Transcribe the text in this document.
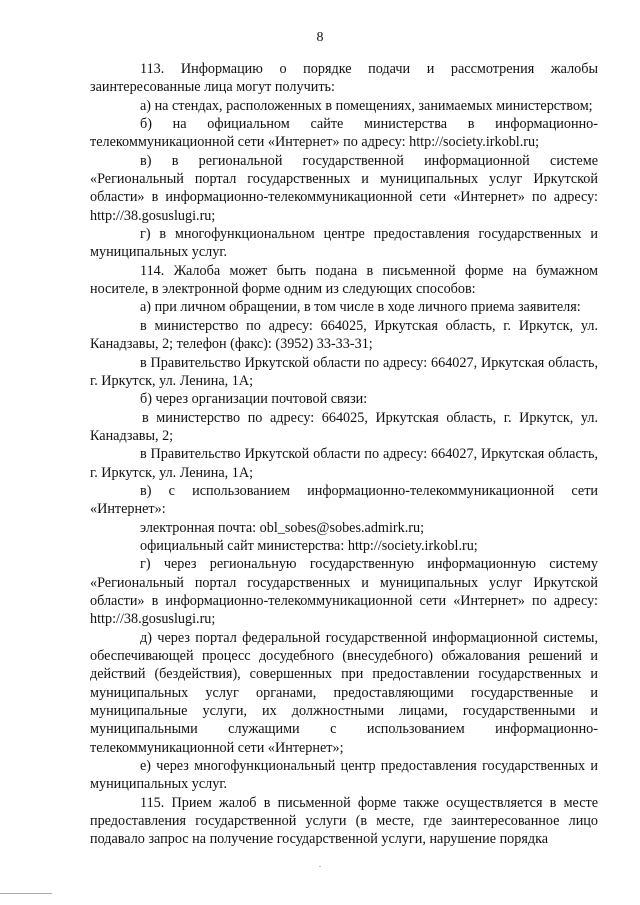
8

113. Информацию о порядке подачи и рассмотрения жалобы заинтересованные лица могут получить:

а) на стендах, расположенных в помещениях, занимаемых министерством;

б) на официальном сайте министерства в информационно-телекоммуникационной сети «Интернет» по адресу: http://society.irkobl.ru;

в) в региональной государственной информационной системе «Региональный портал государственных и муниципальных услуг Иркутской области» в информационно-телекоммуникационной сети «Интернет» по адресу: http://38.gosuslugi.ru;

г) в многофункциональном центре предоставления государственных и муниципальных услуг.

114. Жалоба может быть подана в письменной форме на бумажном носителе, в электронной форме одним из следующих способов:

а) при личном обращении, в том числе в ходе личного приема заявителя:

в министерство по адресу: 664025, Иркутская область, г. Иркутск, ул. Канадзавы, 2; телефон (факс): (3952) 33-33-31;

в Правительство Иркутской области по адресу: 664027, Иркутская область, г. Иркутск, ул. Ленина, 1А;

б) через организации почтовой связи:

в министерство по адресу: 664025, Иркутская область, г. Иркутск, ул. Канадзавы, 2;

в Правительство Иркутской области по адресу: 664027, Иркутская область, г. Иркутск, ул. Ленина, 1А;

в) с использованием информационно-телекоммуникационной сети «Интернет»:

электронная почта: obl_sobes@sobes.admirk.ru;

официальный сайт министерства: http://society.irkobl.ru;

г) через региональную государственную информационную систему «Региональный портал государственных и муниципальных услуг Иркутской области» в информационно-телекоммуникационной сети «Интернет» по адресу: http://38.gosuslugi.ru;

д) через портал федеральной государственной информационной системы, обеспечивающей процесс досудебного (внесудебного) обжалования решений и действий (бездействия), совершенных при предоставлении государственных и муниципальных услуг органами, предоставляющими государственные и муниципальные услуги, их должностными лицами, государственными и муниципальными служащими с использованием информационно-телекоммуникационной сети «Интернет»;

е) через многофункциональный центр предоставления государственных и муниципальных услуг.

115. Прием жалоб в письменной форме также осуществляется в месте предоставления государственной услуги (в месте, где заинтересованное лицо подавало запрос на получение государственной услуги, нарушение порядка
